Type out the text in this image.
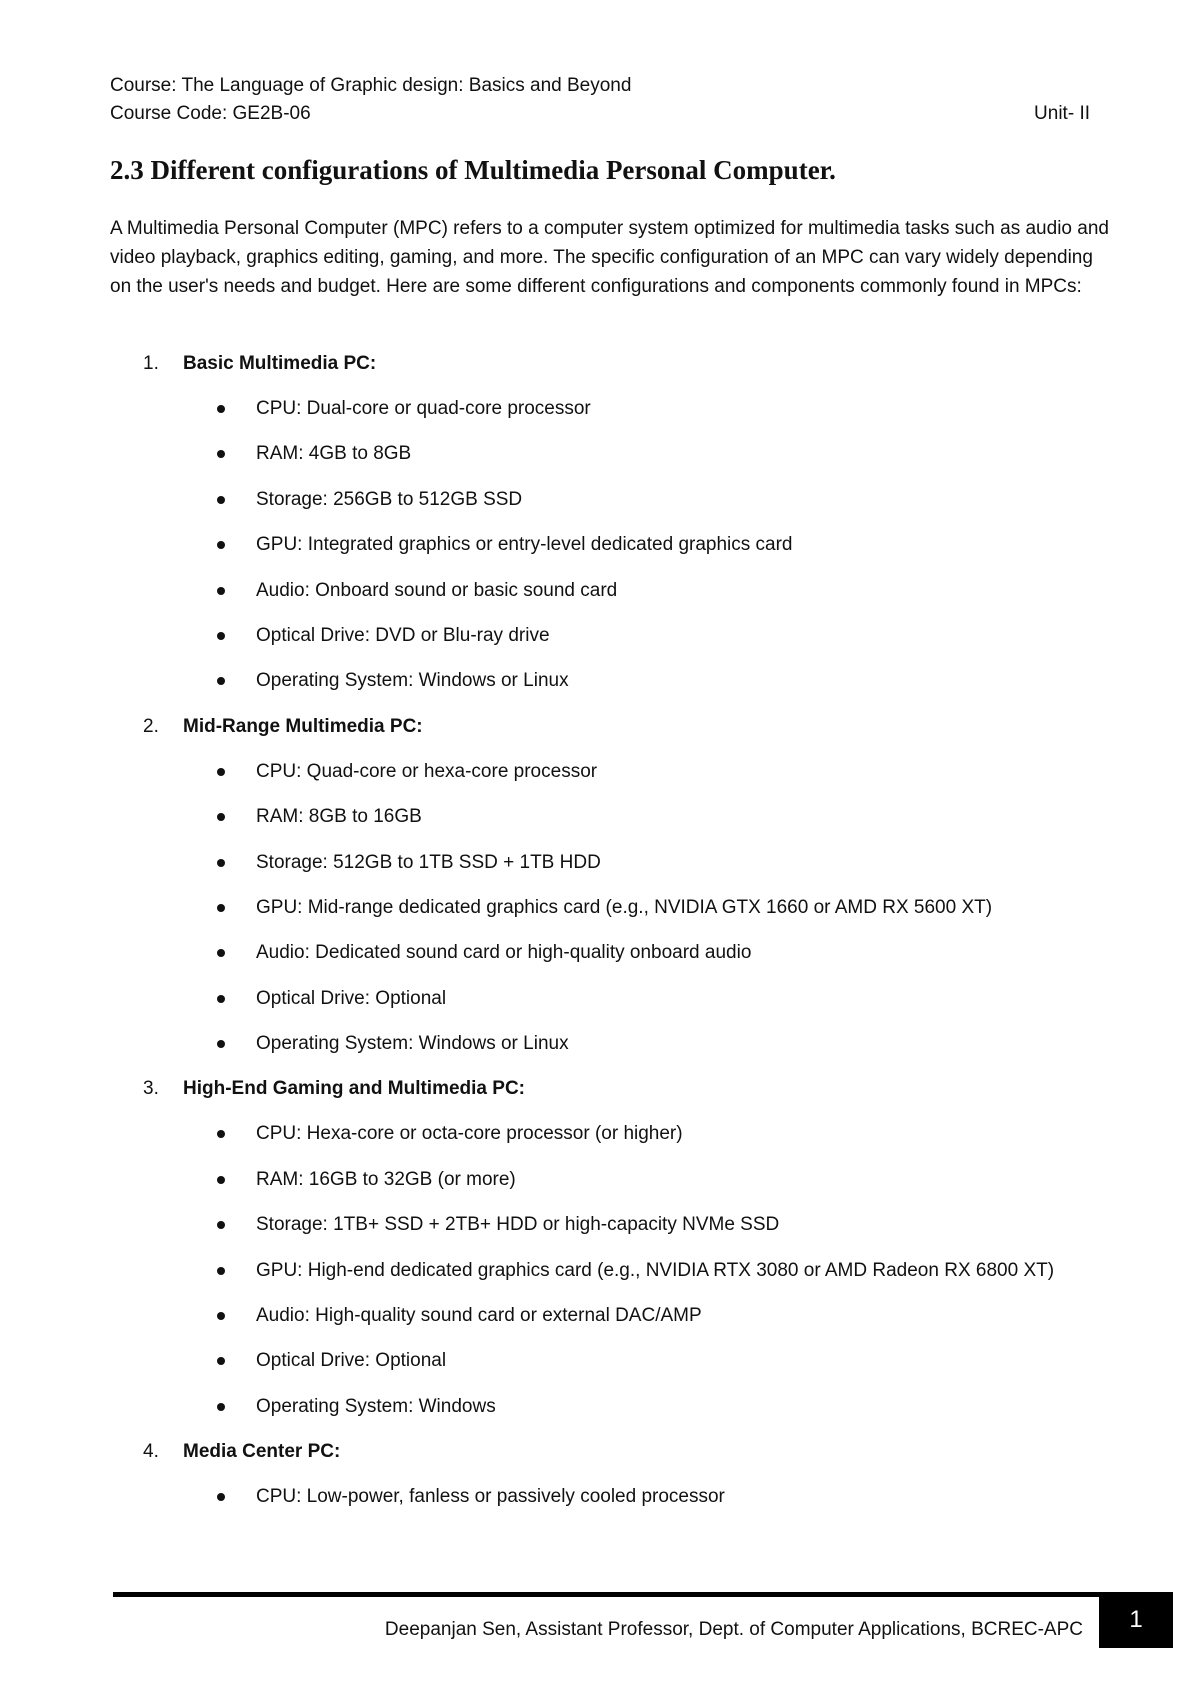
Course: The Language of Graphic design: Basics and Beyond
Course Code: GE2B-06	Unit- II
2.3 Different configurations of Multimedia Personal Computer.

A Multimedia Personal Computer (MPC) refers to a computer system optimized for multimedia tasks such as audio and video playback, graphics editing, gaming, and more. The specific configuration of an MPC can vary widely depending on the user's needs and budget. Here are some different configurations and components commonly found in MPCs:

1. Basic Multimedia PC:
CPU: Dual-core or quad-core processor
RAM: 4GB to 8GB
Storage: 256GB to 512GB SSD
GPU: Integrated graphics or entry-level dedicated graphics card
Audio: Onboard sound or basic sound card
Optical Drive: DVD or Blu-ray drive
Operating System: Windows or Linux
2. Mid-Range Multimedia PC:
CPU: Quad-core or hexa-core processor
RAM: 8GB to 16GB
Storage: 512GB to 1TB SSD + 1TB HDD
GPU: Mid-range dedicated graphics card (e.g., NVIDIA GTX 1660 or AMD RX 5600 XT)
Audio: Dedicated sound card or high-quality onboard audio
Optical Drive: Optional
Operating System: Windows or Linux
3. High-End Gaming and Multimedia PC:
CPU: Hexa-core or octa-core processor (or higher)
RAM: 16GB to 32GB (or more)
Storage: 1TB+ SSD + 2TB+ HDD or high-capacity NVMe SSD
GPU: High-end dedicated graphics card (e.g., NVIDIA RTX 3080 or AMD Radeon RX 6800 XT)
Audio: High-quality sound card or external DAC/AMP
Optical Drive: Optional
Operating System: Windows
4. Media Center PC:
CPU: Low-power, fanless or passively cooled processor
Deepanjan Sen, Assistant Professor, Dept. of Computer Applications, BCREC-APC	1
